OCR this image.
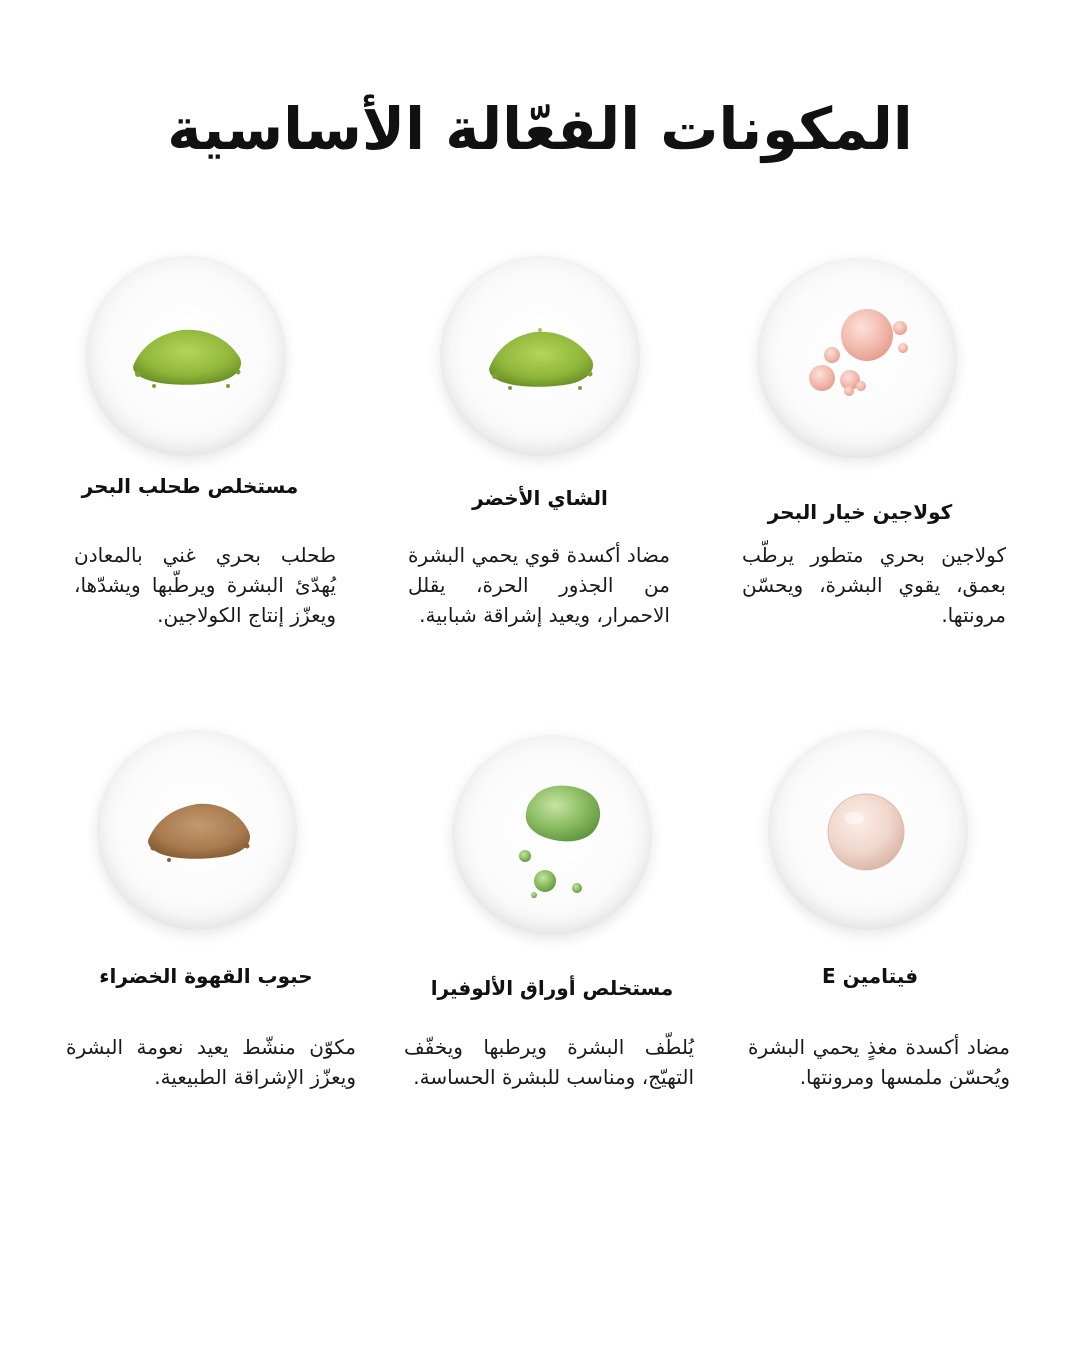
المكونات الفعّالة الأساسية
كولاجين خيار البحر
كولاجين بحري متطور يرطّب بعمق، يقوي البشرة، ويحسّن مرونتها.
الشاي الأخضر
مضاد أكسدة قوي يحمي البشرة من الجذور الحرة، يقلل الاحمرار، ويعيد إشراقة شبابية.
مستخلص طحلب البحر
طحلب بحري غني بالمعادن يُهدّئ البشرة ويرطّبها ويشدّها، ويعزّز إنتاج الكولاجين.
فيتامين E
مضاد أكسدة مغذٍ يحمي البشرة ويُحسّن ملمسها ومرونتها.
مستخلص أوراق الألوفيرا
يُلطّف البشرة ويرطبها ويخفّف التهيّج، ومناسب للبشرة الحساسة.
حبوب القهوة الخضراء
مكوّن منشّط يعيد نعومة البشرة ويعزّز الإشراقة الطبيعية.
